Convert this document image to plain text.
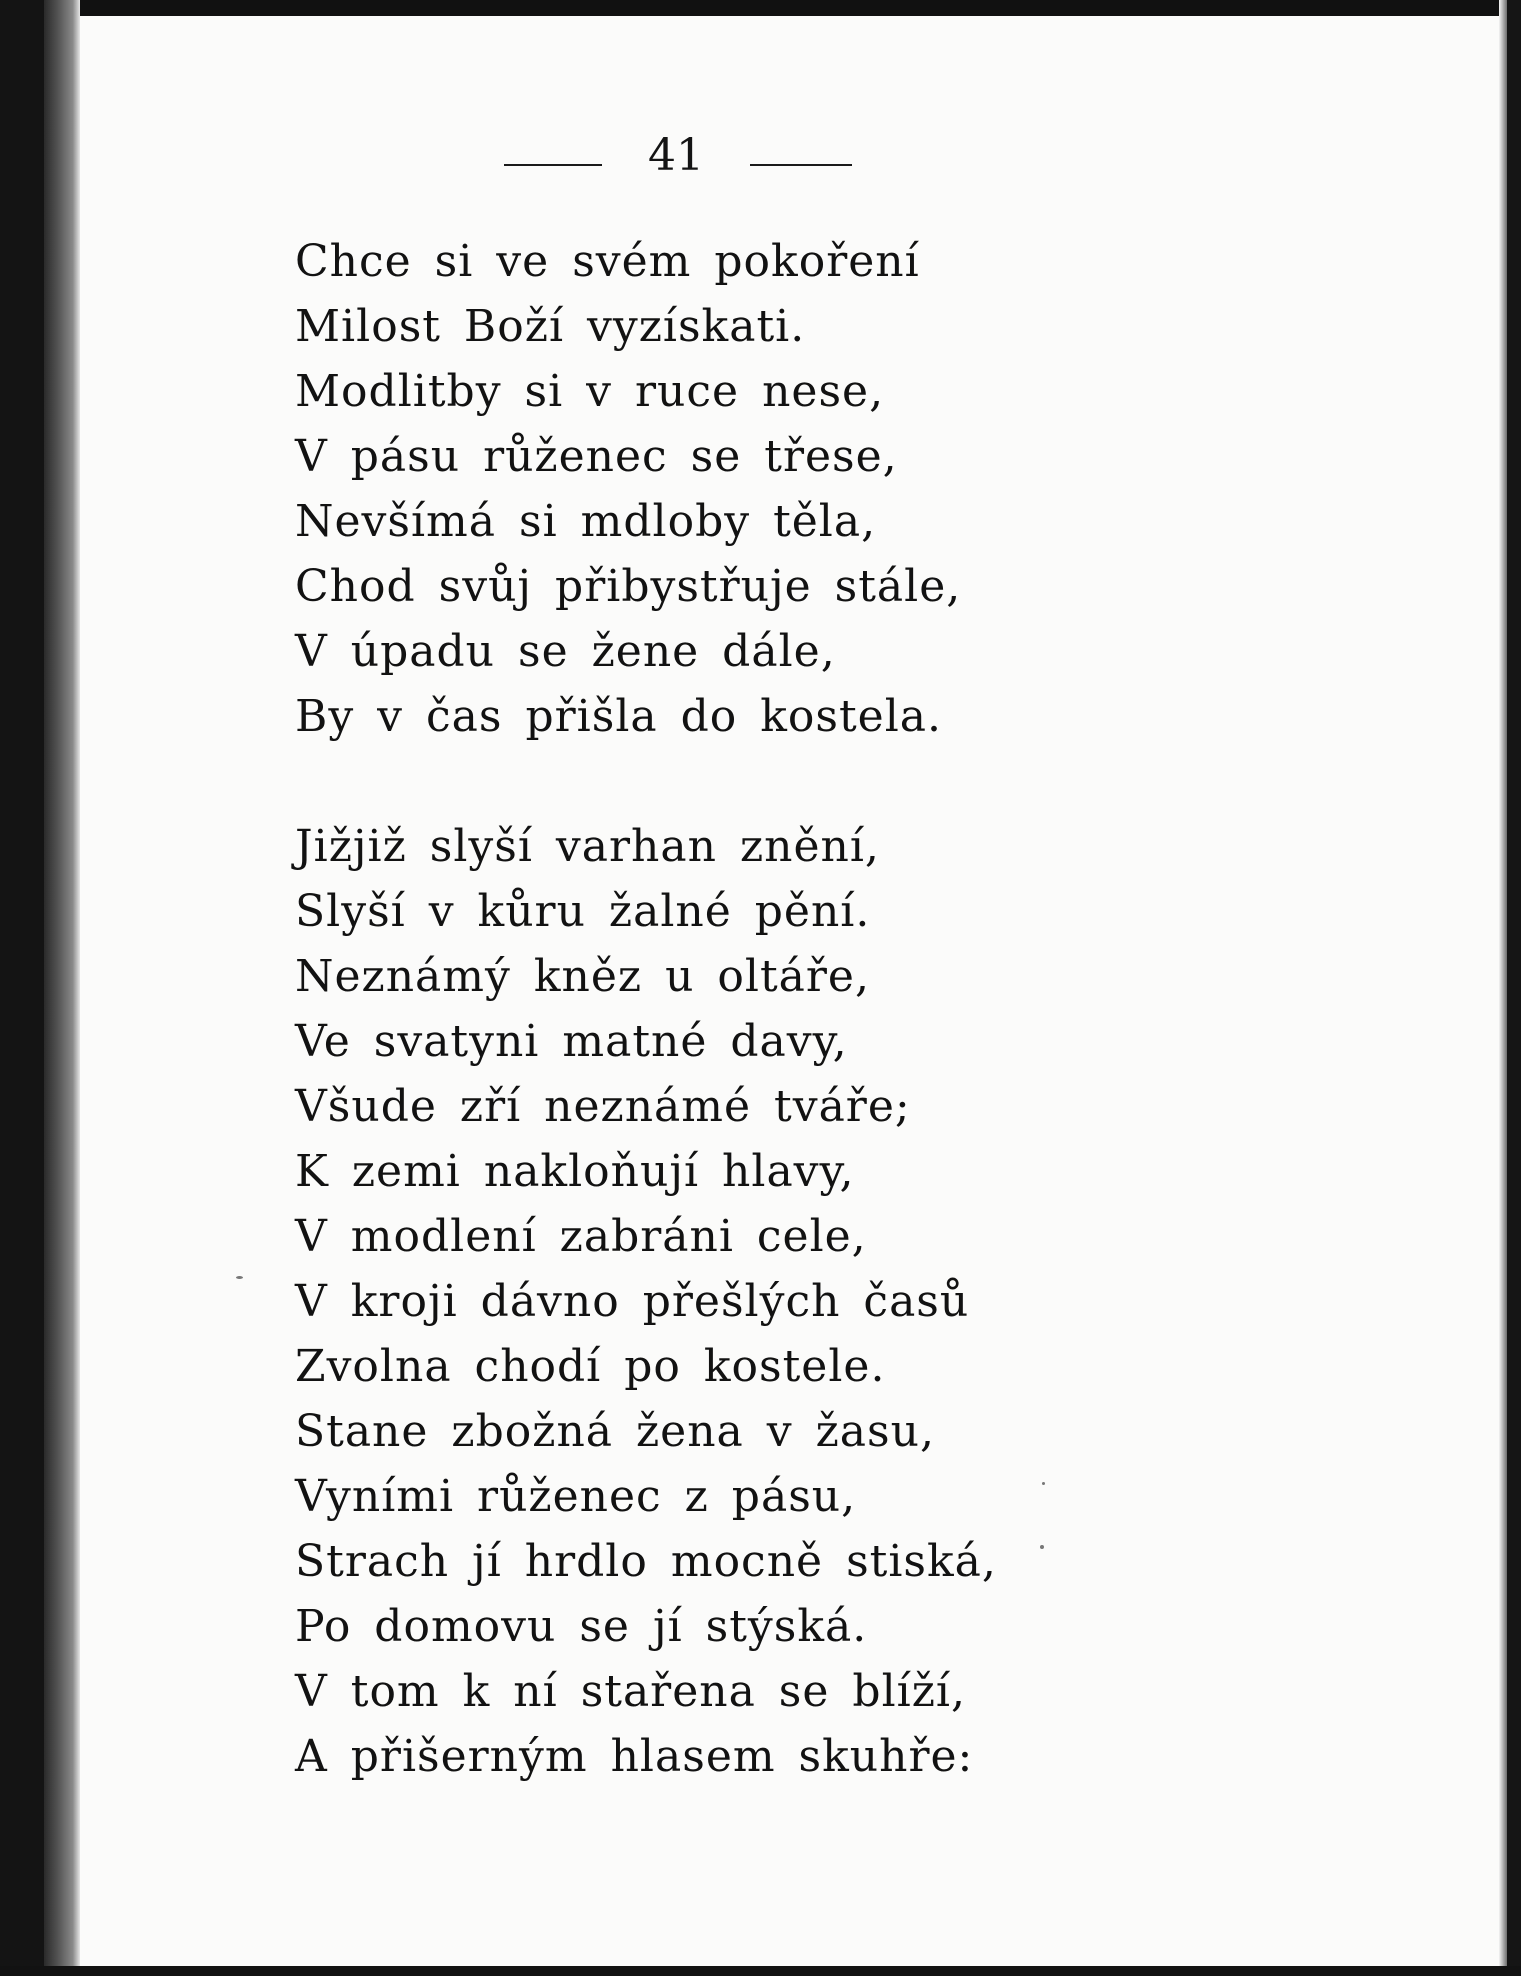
41

Chce si ve svém pokoření

Milost Boží vyzískati.

Modlitby si v ruce nese,

V pásu růženec se třese,

Nevšímá si mdloby těla,

Chod svůj přibystřuje stále,

V úpadu se žene dále,

By v čas přišla do kostela.

Jižjiž slyší varhan znění,

Slyší v kůru žalné pění.

Neznámý kněz u oltáře,

Ve svatyni matné davy,

Všude zří neznámé tváře;

K zemi nakloňují hlavy,

V modlení zabráni cele,

V kroji dávno přešlých časů

Zvolna chodí po kostele.

Stane zbožná žena v žasu,

Vyními růženec z pásu,

Strach jí hrdlo mocně stiská,

Po domovu se jí stýská.

V tom k ní stařena se blíží,

A přišerným hlasem skuhře:
